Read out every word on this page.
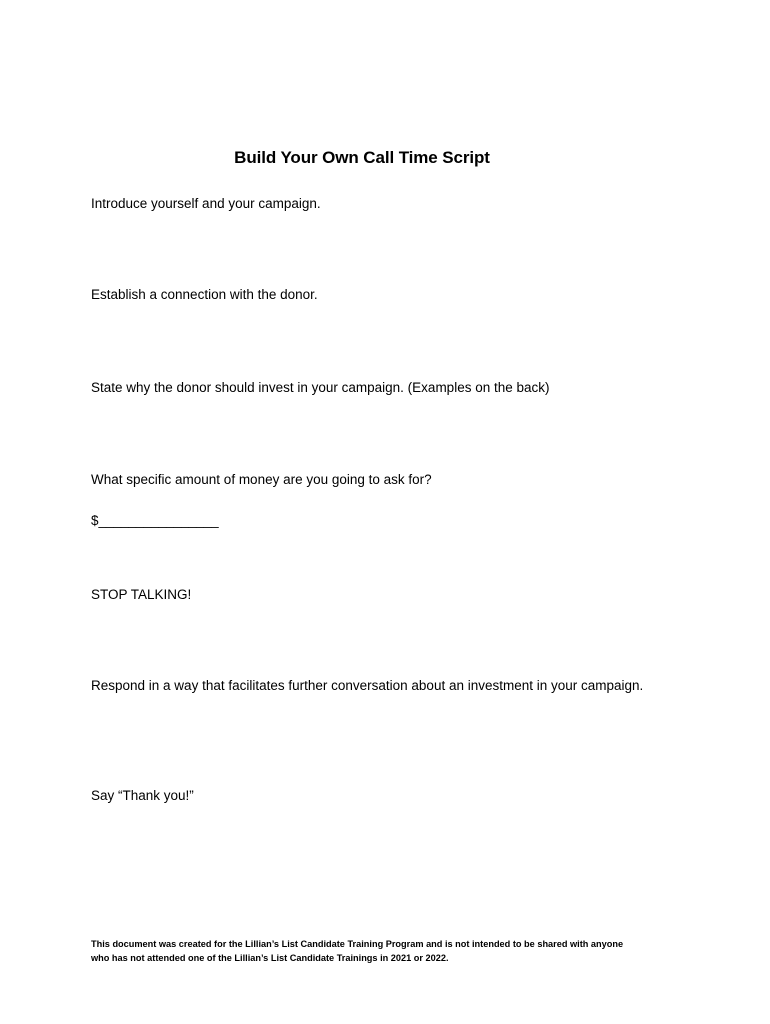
Build Your Own Call Time Script
Introduce yourself and your campaign.
Establish a connection with the donor.
State why the donor should invest in your campaign. (Examples on the back)
What specific amount of money are you going to ask for?
$________________
STOP TALKING!
Respond in a way that facilitates further conversation about an investment in your campaign.
Say “Thank you!”
This document was created for the Lillian’s List Candidate Training Program and is not intended to be shared with anyone
who has not attended one of the Lillian’s List Candidate Trainings in 2021 or 2022.
